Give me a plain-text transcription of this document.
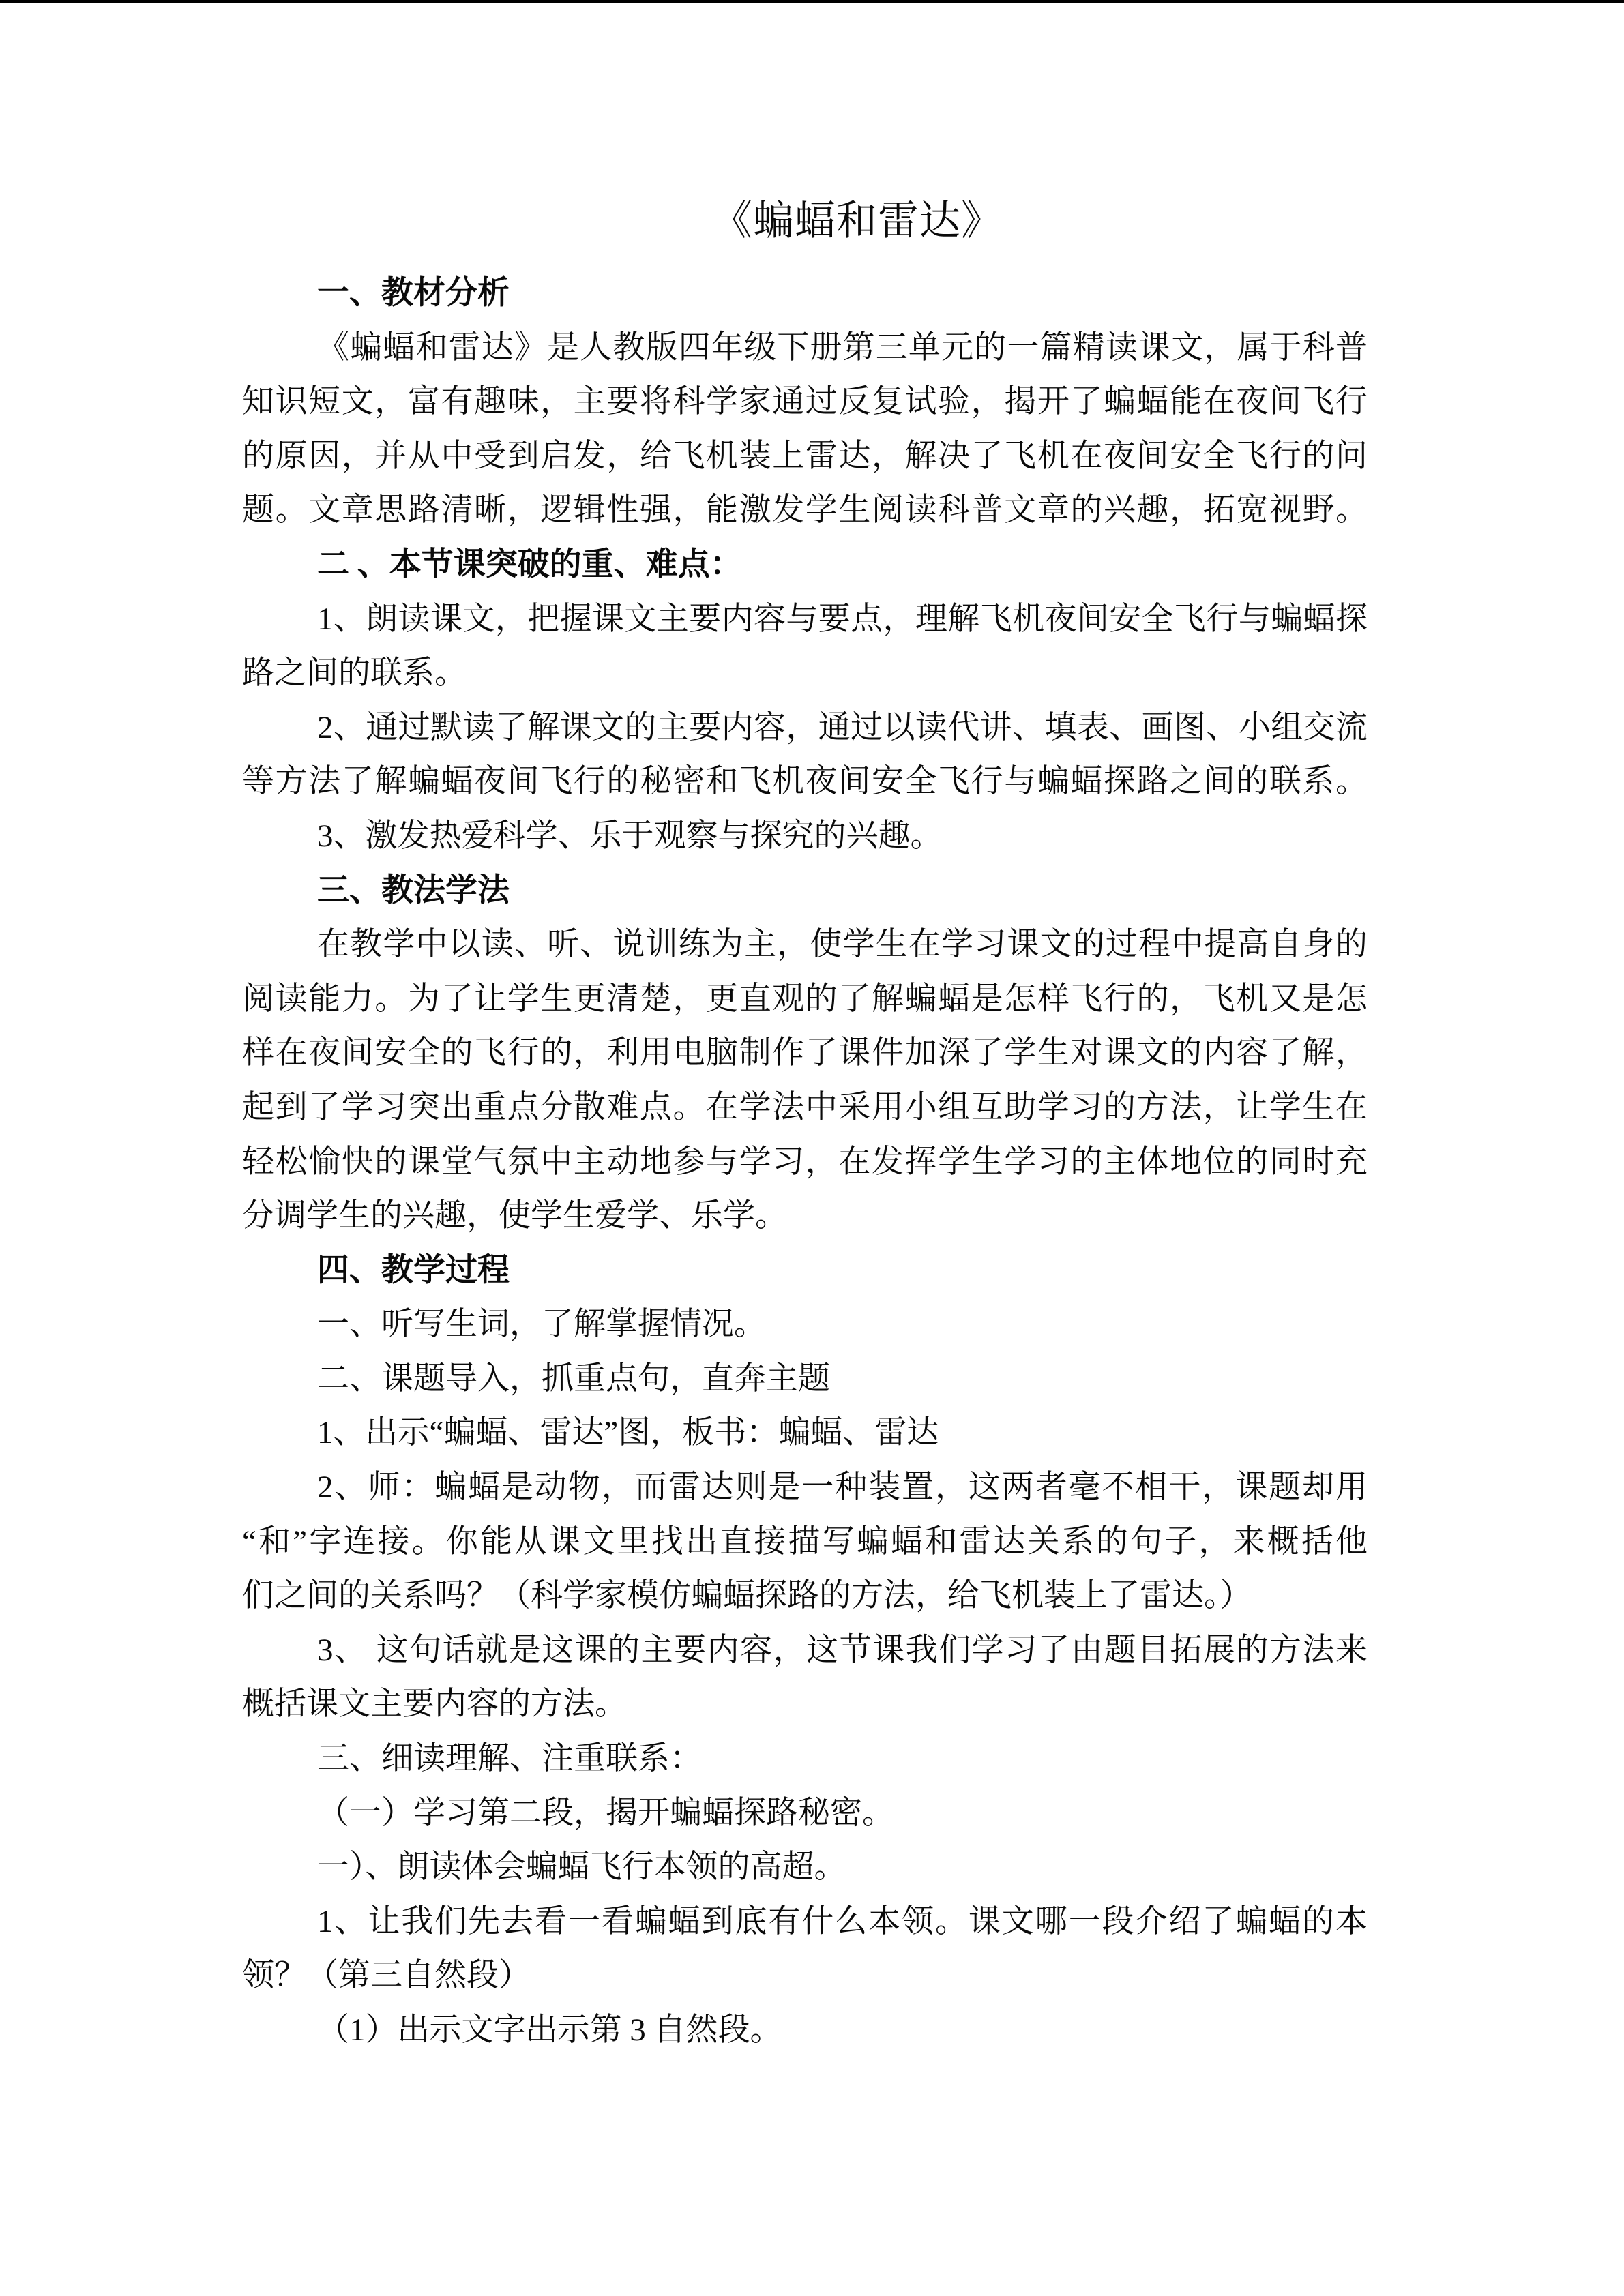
《蝙蝠和雷达》
一、教材分析
《蝙蝠和雷达》是人教版四年级下册第三单元的一篇精读课文，属于科普
知识短文，富有趣味，主要将科学家通过反复试验，揭开了蝙蝠能在夜间飞行
的原因，并从中受到启发，给飞机装上雷达，解决了飞机在夜间安全飞行的问
题。文章思路清晰，逻辑性强，能激发学生阅读科普文章的兴趣，拓宽视野。
二 、本节课突破的重、难点：
1、朗读课文，把握课文主要内容与要点，理解飞机夜间安全飞行与蝙蝠探
路之间的联系。
2、通过默读了解课文的主要内容，通过以读代讲、填表、画图、小组交流
等方法了解蝙蝠夜间飞行的秘密和飞机夜间安全飞行与蝙蝠探路之间的联系。
3、激发热爱科学、乐于观察与探究的兴趣。
三、教法学法
在教学中以读、听、说训练为主，使学生在学习课文的过程中提高自身的
阅读能力。为了让学生更清楚，更直观的了解蝙蝠是怎样飞行的，飞机又是怎
样在夜间安全的飞行的，利用电脑制作了课件加深了学生对课文的内容了解，
起到了学习突出重点分散难点。在学法中采用小组互助学习的方法，让学生在
轻松愉快的课堂气氛中主动地参与学习，在发挥学生学习的主体地位的同时充
分调学生的兴趣，使学生爱学、乐学。
四、教学过程
一、听写生词，了解掌握情况。
二、课题导入，抓重点句，直奔主题
1、出示“蝙蝠、雷达”图，板书：蝙蝠、雷达
2、师：蝙蝠是动物，而雷达则是一种装置，这两者毫不相干，课题却用
“和”字连接。你能从课文里找出直接描写蝙蝠和雷达关系的句子，来概括他
们之间的关系吗？（科学家模仿蝙蝠探路的方法，给飞机装上了雷达。）
3、 这句话就是这课的主要内容，这节课我们学习了由题目拓展的方法来
概括课文主要内容的方法。
三、细读理解、注重联系：
（一）学习第二段，揭开蝙蝠探路秘密。
一）、朗读体会蝙蝠飞行本领的高超。
1、让我们先去看一看蝙蝠到底有什么本领。课文哪一段介绍了蝙蝠的本
领？（第三自然段）
（1）出示文字出示第 3 自然段。
